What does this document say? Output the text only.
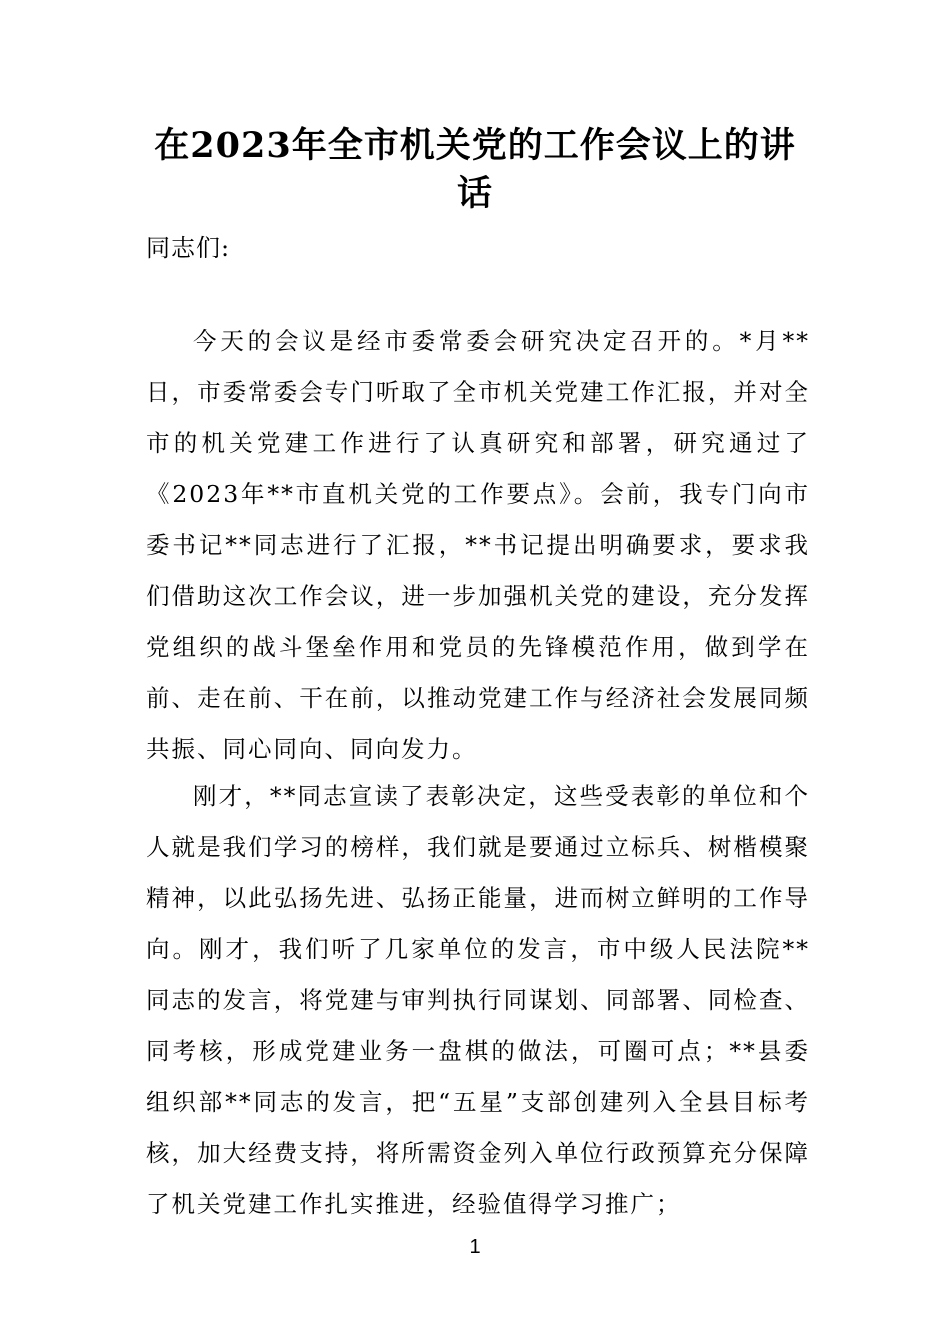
在2023年全市机关党的工作会议上的讲话
同志们:

今天的会议是经市委常委会研究决定召开的。*月**日，市委常委会专门听取了全市机关党建工作汇报，并对全市的机关党建工作进行了认真研究和部署，研究通过了《2023年**市直机关党的工作要点》。会前，我专门向市委书记**同志进行了汇报，**书记提出明确要求，要求我们借助这次工作会议，进一步加强机关党的建设，充分发挥党组织的战斗堡垒作用和党员的先锋模范作用，做到学在前、走在前、干在前，以推动党建工作与经济社会发展同频共振、同心同向、同向发力。

刚才，**同志宣读了表彰决定，这些受表彰的单位和个人就是我们学习的榜样，我们就是要通过立标兵、树楷模聚精神，以此弘扬先进、弘扬正能量，进而树立鲜明的工作导向。刚才，我们听了几家单位的发言，市中级人民法院**同志的发言，将党建与审判执行同谋划、同部署、同检查、同考核，形成党建业务一盘棋的做法，可圈可点；**县委组织部**同志的发言，把“五星”支部创建列入全县目标考核，加大经费支持，将所需资金列入单位行政预算充分保障了机关党建工作扎实推进，经验值得学习推广；

1
